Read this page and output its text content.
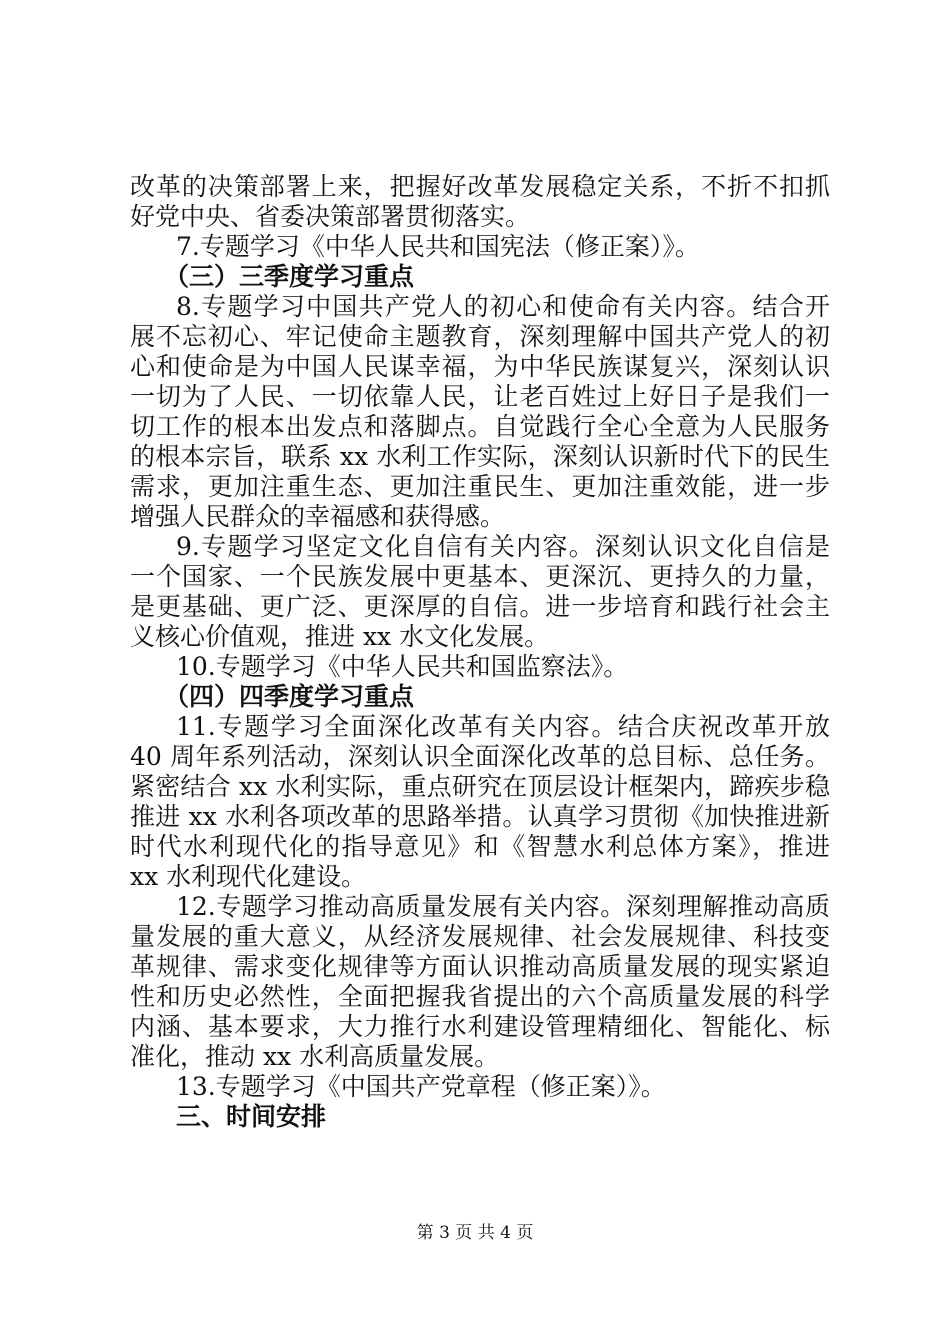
改革的决策部署上来，把握好改革发展稳定关系，不折不扣抓
好党中央、省委决策部署贯彻落实。
7.专题学习《中华人民共和国宪法（修正案）》。
（三）三季度学习重点
8.专题学习中国共产党人的初心和使命有关内容。结合开
展不忘初心、牢记使命主题教育，深刻理解中国共产党人的初
心和使命是为中国人民谋幸福，为中华民族谋复兴，深刻认识
一切为了人民、一切依靠人民，让老百姓过上好日子是我们一
切工作的根本出发点和落脚点。自觉践行全心全意为人民服务
的根本宗旨，联系 xx 水利工作实际，深刻认识新时代下的民生
需求，更加注重生态、更加注重民生、更加注重效能，进一步
增强人民群众的幸福感和获得感。
9.专题学习坚定文化自信有关内容。深刻认识文化自信是
一个国家、一个民族发展中更基本、更深沉、更持久的力量，
是更基础、更广泛、更深厚的自信。进一步培育和践行社会主
义核心价值观，推进 xx 水文化发展。
10.专题学习《中华人民共和国监察法》。
（四）四季度学习重点
11.专题学习全面深化改革有关内容。结合庆祝改革开放
40 周年系列活动，深刻认识全面深化改革的总目标、总任务。
紧密结合 xx 水利实际，重点研究在顶层设计框架内，蹄疾步稳
推进 xx 水利各项改革的思路举措。认真学习贯彻《加快推进新
时代水利现代化的指导意见》和《智慧水利总体方案》，推进
xx 水利现代化建设。
12.专题学习推动高质量发展有关内容。深刻理解推动高质
量发展的重大意义，从经济发展规律、社会发展规律、科技变
革规律、需求变化规律等方面认识推动高质量发展的现实紧迫
性和历史必然性，全面把握我省提出的六个高质量发展的科学
内涵、基本要求，大力推行水利建设管理精细化、智能化、标
准化，推动 xx 水利高质量发展。
13.专题学习《中国共产党章程（修正案）》。
三、时间安排
第 3 页 共 4 页
